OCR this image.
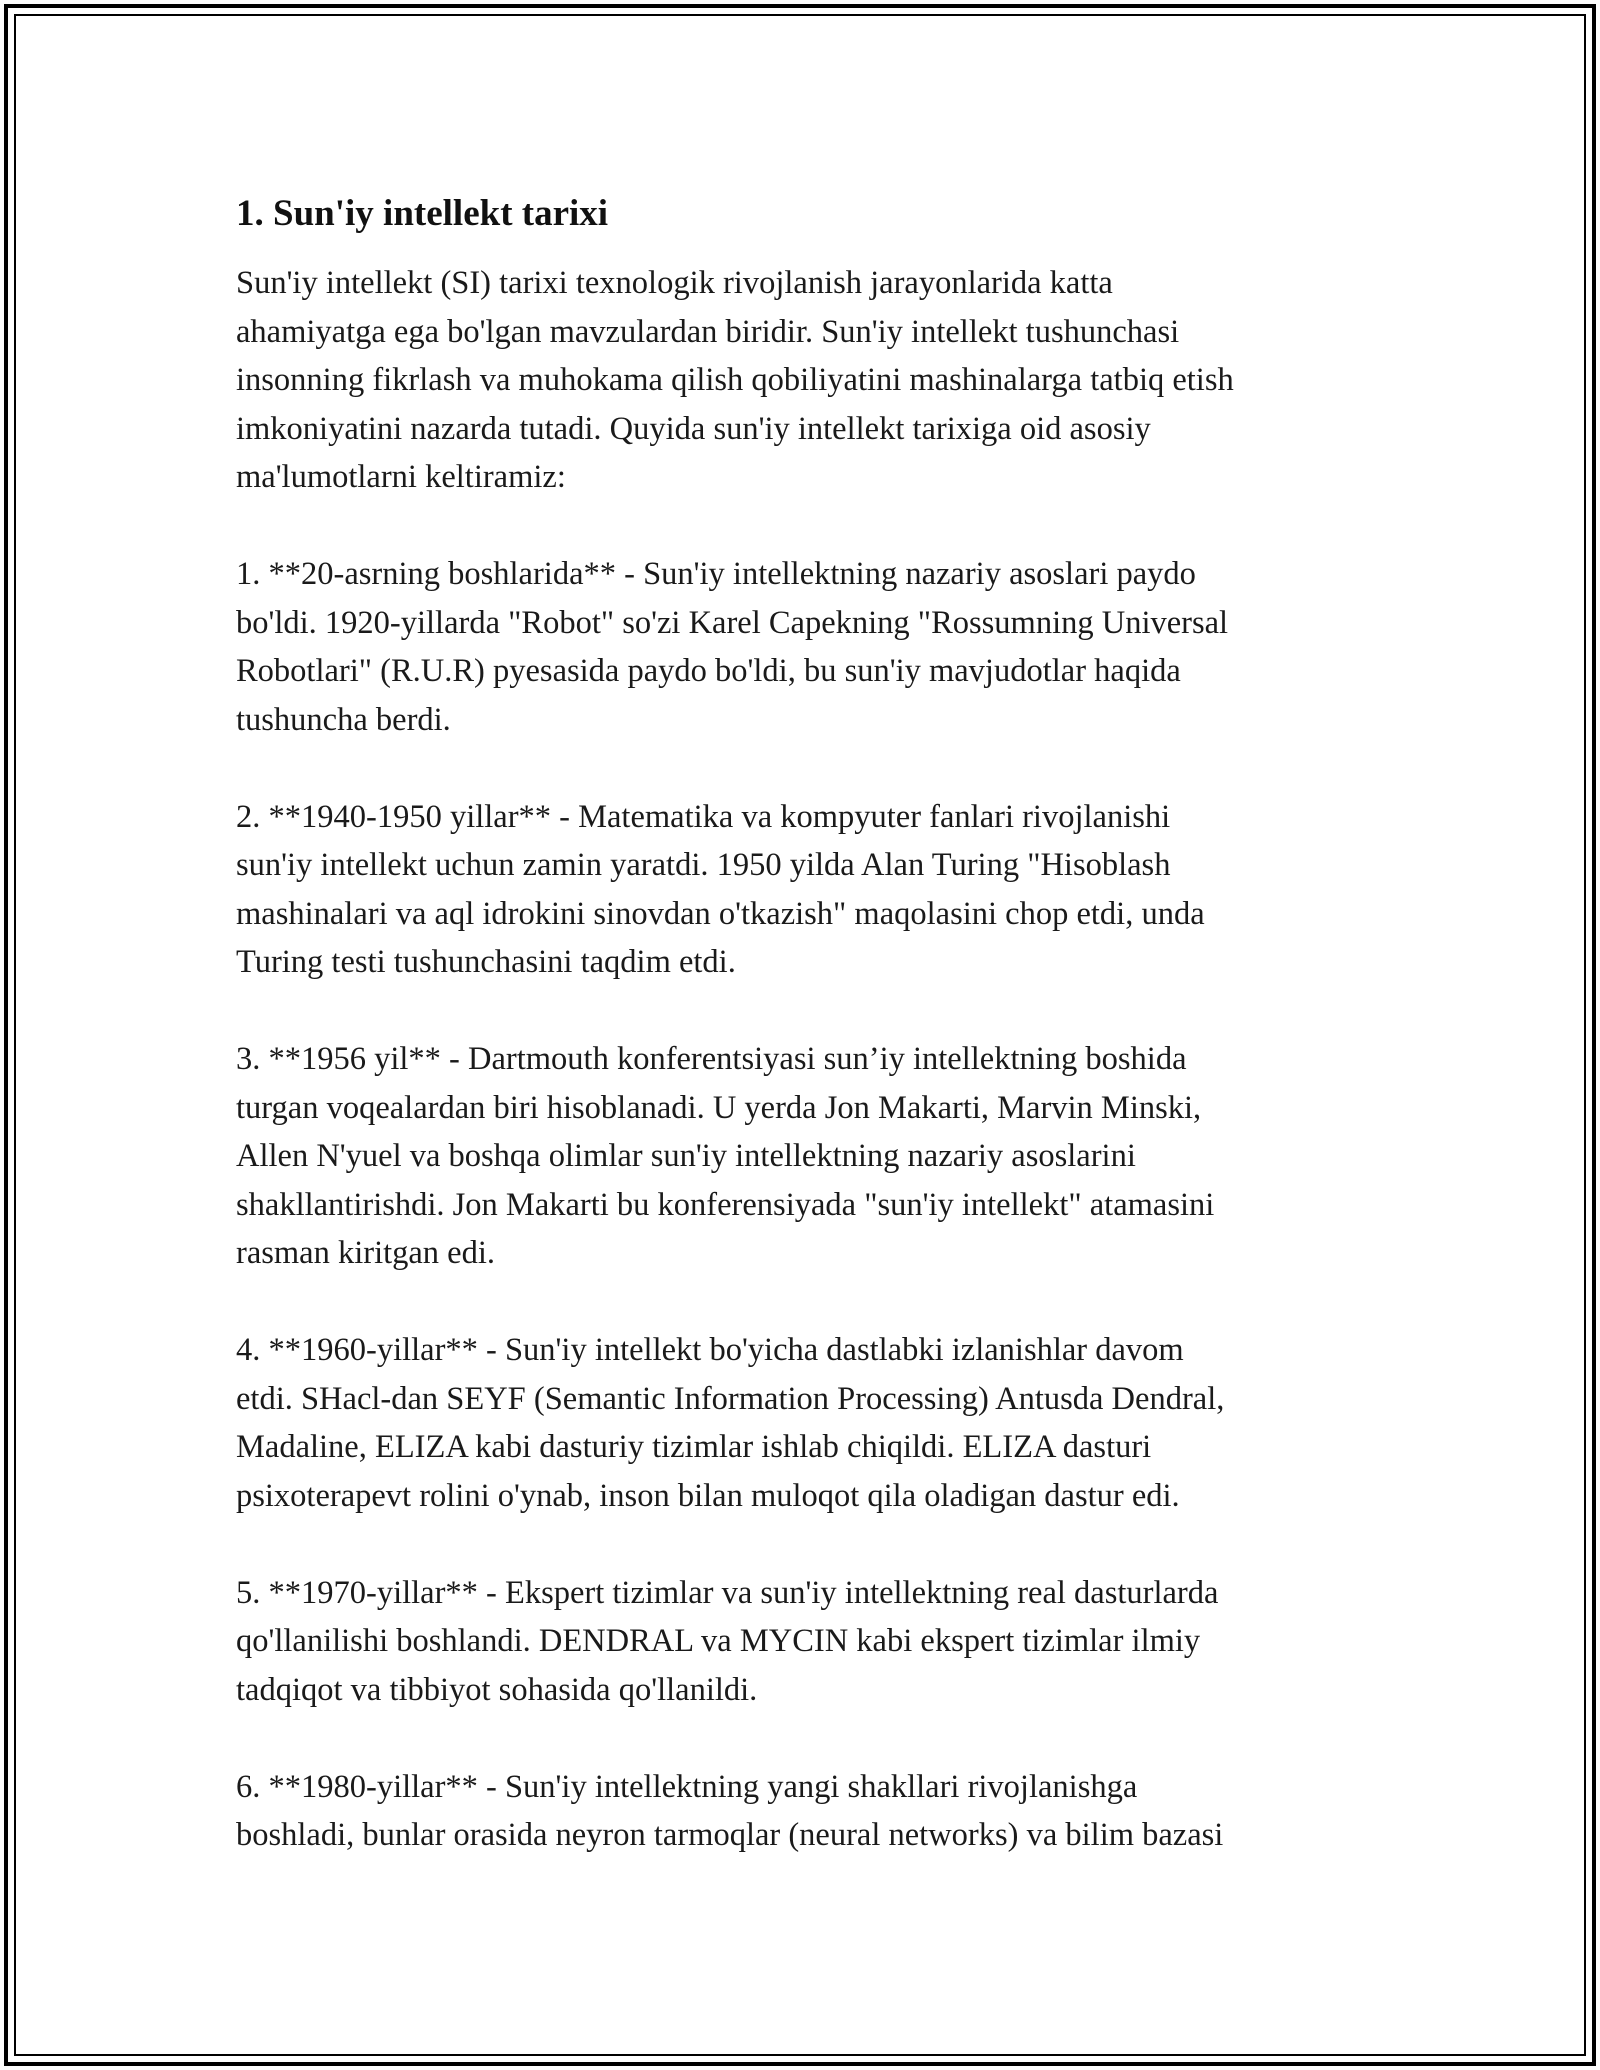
1. Sun'iy intellekt tarixi

Sun'iy intellekt (SI) tarixi texnologik rivojlanish jarayonlarida katta
ahamiyatga ega bo'lgan mavzulardan biridir. Sun'iy intellekt tushunchasi
insonning fikrlash va muhokama qilish qobiliyatini mashinalarga tatbiq etish
imkoniyatini nazarda tutadi. Quyida sun'iy intellekt tarixiga oid asosiy
ma'lumotlarni keltiramiz:

1. **20-asrning boshlarida** - Sun'iy intellektning nazariy asoslari paydo
bo'ldi. 1920-yillarda "Robot" so'zi Karel Capekning "Rossumning Universal
Robotlari" (R.U.R) pyesasida paydo bo'ldi, bu sun'iy mavjudotlar haqida
tushuncha berdi.

2. **1940-1950 yillar** - Matematika va kompyuter fanlari rivojlanishi
sun'iy intellekt uchun zamin yaratdi. 1950 yilda Alan Turing "Hisoblash
mashinalari va aql idrokini sinovdan o'tkazish" maqolasini chop etdi, unda
Turing testi tushunchasini taqdim etdi.

3. **1956 yil** - Dartmouth konferentsiyasi sun’iy intellektning boshida
turgan voqealardan biri hisoblanadi. U yerda Jon Makarti, Marvin Minski,
Allen N'yuel va boshqa olimlar sun'iy intellektning nazariy asoslarini
shakllantirishdi. Jon Makarti bu konferensiyada "sun'iy intellekt" atamasini
rasman kiritgan edi.

4. **1960-yillar** - Sun'iy intellekt bo'yicha dastlabki izlanishlar davom
etdi. SHacl-dan SEYF (Semantic Information Processing) Antusda Dendral,
Madaline, ELIZA kabi dasturiy tizimlar ishlab chiqildi. ELIZA dasturi
psixoterapevt rolini o'ynab, inson bilan muloqot qila oladigan dastur edi.

5. **1970-yillar** - Ekspert tizimlar va sun'iy intellektning real dasturlarda
qo'llanilishi boshlandi. DENDRAL va MYCIN kabi ekspert tizimlar ilmiy
tadqiqot va tibbiyot sohasida qo'llanildi.

6. **1980-yillar** - Sun'iy intellektning yangi shakllari rivojlanishga
boshladi, bunlar orasida neyron tarmoqlar (neural networks) va bilim bazasi
